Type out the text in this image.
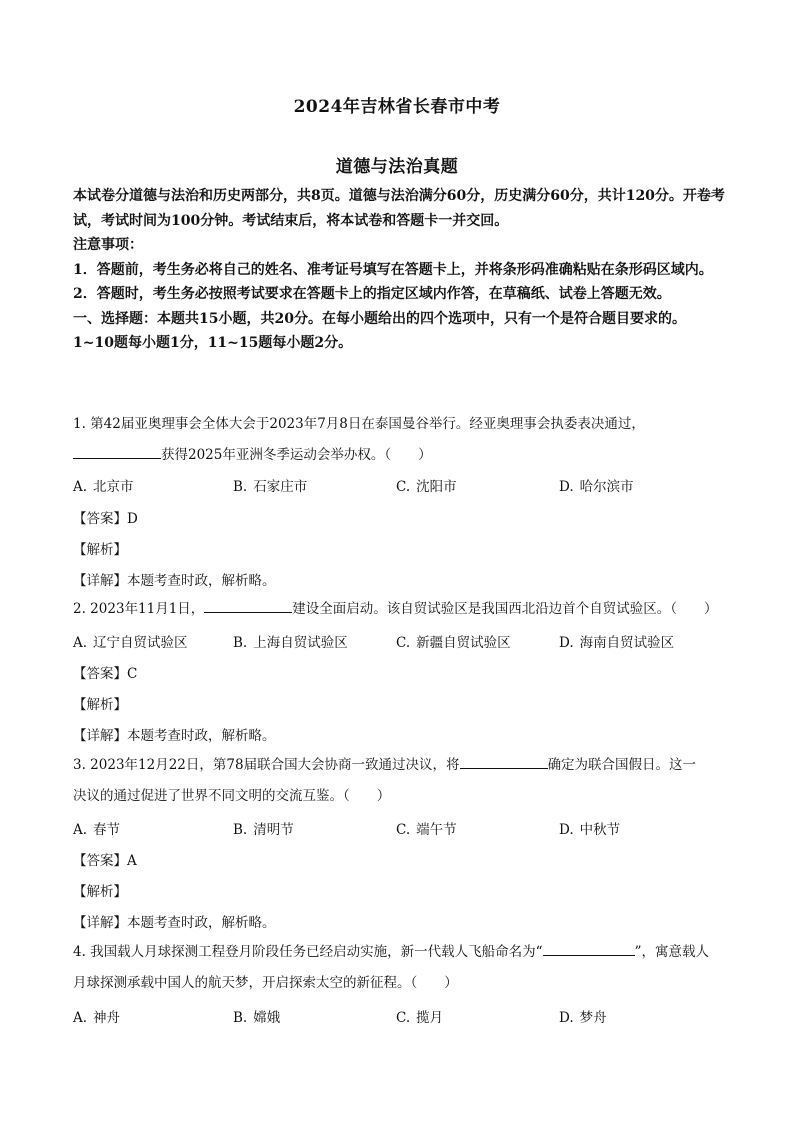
2024年吉林省长春市中考
道德与法治真题

本试卷分道德与法治和历史两部分，共8页。道德与法治满分60分，历史满分60分，共计120分。开卷考试，考试时间为100分钟。考试结束后，将本试卷和答题卡一并交回。

注意事项：

1．答题前，考生务必将自己的姓名、准考证号填写在答题卡上，并将条形码准确粘贴在条形码区域内。

2．答题时，考生务必按照考试要求在答题卡上的指定区域内作答，在草稿纸、试卷上答题无效。

一、选择题：本题共15小题，共20分。在每小题给出的四个选项中，只有一个是符合题目要求的。1~10题每小题1分，11~15题每小题2分。

1. 第42届亚奥理事会全体大会于2023年7月8日在泰国曼谷举行。经亚奥理事会执委表决通过，
获得2025年亚洲冬季运动会举办权。（　　）
A. 北京市	B. 石家庄市	C. 沈阳市	D. 哈尔滨市
【答案】D
【解析】
【详解】本题考查时政，解析略。
2. 2023年11月1日，	建设全面启动。该自贸试验区是我国西北沿边首个自贸试验区。（　　）
A. 辽宁自贸试验区	B. 上海自贸试验区	C. 新疆自贸试验区	D. 海南自贸试验区
【答案】C
【解析】
【详解】本题考查时政，解析略。
3. 2023年12月22日，第78届联合国大会协商一致通过决议，将	确定为联合国假日。这一
决议的通过促进了世界不同文明的交流互鉴。（　　）
A. 春节	B. 清明节	C. 端午节	D. 中秋节
【答案】A
【解析】
【详解】本题考查时政，解析略。
4. 我国载人月球探测工程登月阶段任务已经启动实施，新一代载人飞船命名为“	”，寓意载人
月球探测承载中国人的航天梦，开启探索太空的新征程。（　　）
A. 神舟	B. 嫦娥	C. 揽月	D. 梦舟
